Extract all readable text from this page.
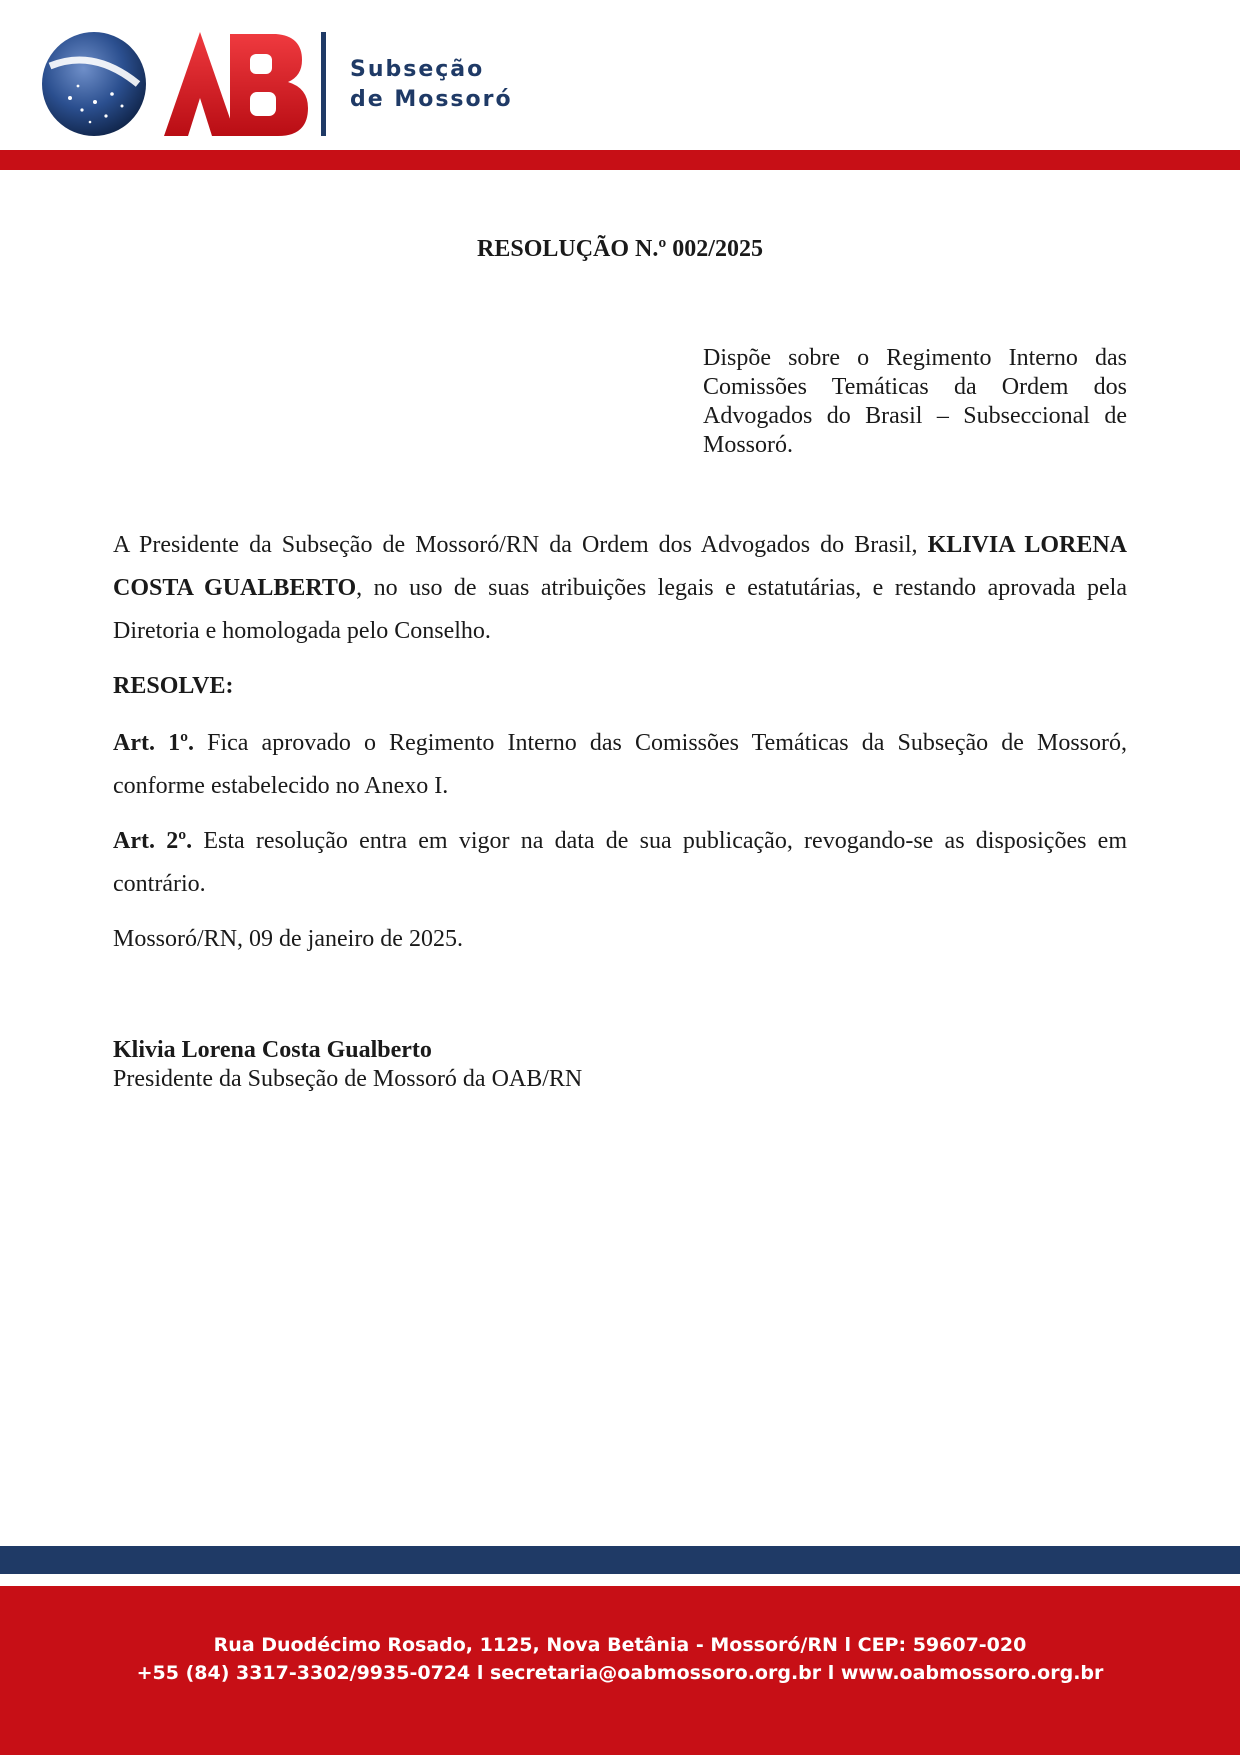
Subseção
de Mossoró
RESOLUÇÃO N.º 002/2025
Dispõe sobre o Regimento Interno das Comissões Temáticas da Ordem dos Advogados do Brasil – Subseccional de Mossoró.
A Presidente da Subseção de Mossoró/RN da Ordem dos Advogados do Brasil, KLIVIA LORENA COSTA GUALBERTO, no uso de suas atribuições legais e estatutárias, e restando aprovada pela Diretoria e homologada pelo Conselho.
RESOLVE:
Art. 1º. Fica aprovado o Regimento Interno das Comissões Temáticas da Subseção de Mossoró, conforme estabelecido no Anexo I.
Art. 2º. Esta resolução entra em vigor na data de sua publicação, revogando-se as disposições em contrário.
Mossoró/RN, 09 de janeiro de 2025.
Klivia Lorena Costa Gualberto
Presidente da Subseção de Mossoró da OAB/RN
Rua Duodécimo Rosado, 1125, Nova Betânia - Mossoró/RN l CEP: 59607-020
+55 (84) 3317-3302/9935-0724 l secretaria@oabmossoro.org.br l www.oabmossoro.org.br
